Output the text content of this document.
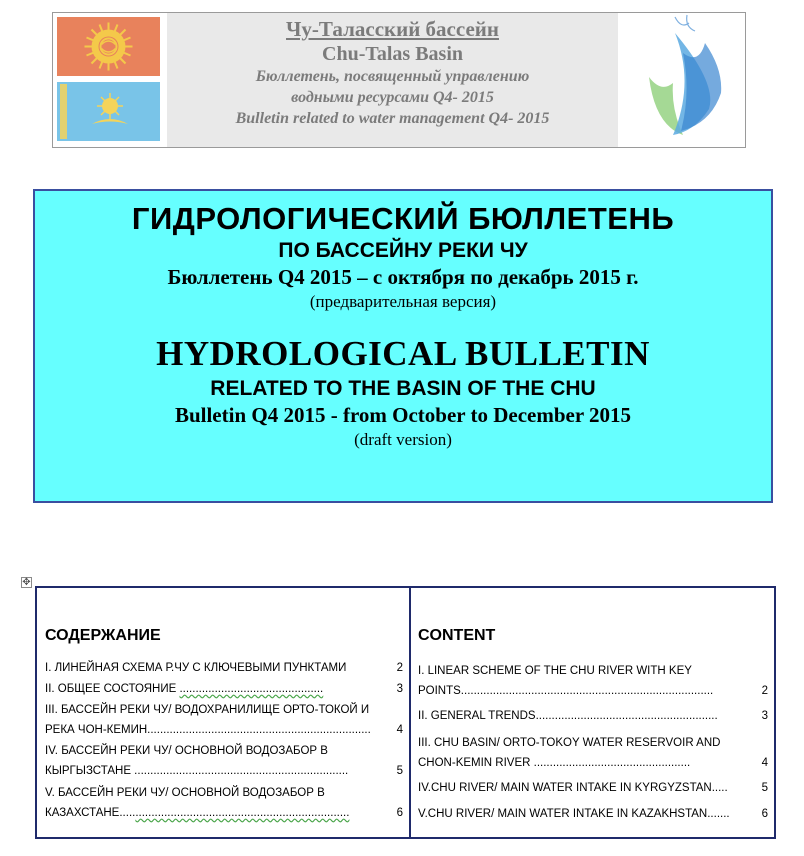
Чу-Таласский бассейн
Chu-Talas Basin
Бюллетень, посвященный управлению
водными ресурсами Q4- 2015
Bulletin related to water management Q4- 2015
ГИДРОЛОГИЧЕСКИЙ БЮЛЛЕТЕНЬ
ПО БАССЕЙНУ РЕКИ ЧУ
Бюллетень Q4 2015 – с октября по декабрь 2015 г.
(предварительная версия)
HYDROLOGICAL BULLETIN
RELATED TO THE BASIN OF THE CHU
Bulletin Q4 2015 - from October to December 2015
(draft version)
✥
СОДЕРЖАНИЕ
I. ЛИНЕЙНАЯ СХЕМА Р.ЧУ С КЛЮЧЕВЫМИ ПУНКТАМИ	2
II. ОБЩЕЕ СОСТОЯНИЕ .............................................	3
III. БАССЕЙН РЕКИ ЧУ/ ВОДОХРАНИЛИЩЕ ОРТО-ТОКОЙ И
РЕКА ЧОН-КЕМИН......................................................................	4
IV. БАССЕЙН РЕКИ ЧУ/ ОСНОВНОЙ ВОДОЗАБОР В
КЫРГЫЗСТАНЕ ...................................................................	5
V. БАССЕЙН РЕКИ ЧУ/ ОСНОВНОЙ ВОДОЗАБОР В
КАЗАХСТАНЕ........................................................................	6
CONTENT
I. LINEAR SCHEME OF THE CHU RIVER WITH KEY
POINTS...............................................................................	2
II. GENERAL TRENDS.........................................................	3
III. CHU BASIN/ ORTO-TOKOY WATER RESERVOIR AND
CHON-KEMIN RIVER .................................................	4
IV.CHU RIVER/ MAIN WATER INTAKE IN KYRGYZSTAN.....	5
V.CHU RIVER/ MAIN WATER INTAKE IN KAZAKHSTAN.......	6
